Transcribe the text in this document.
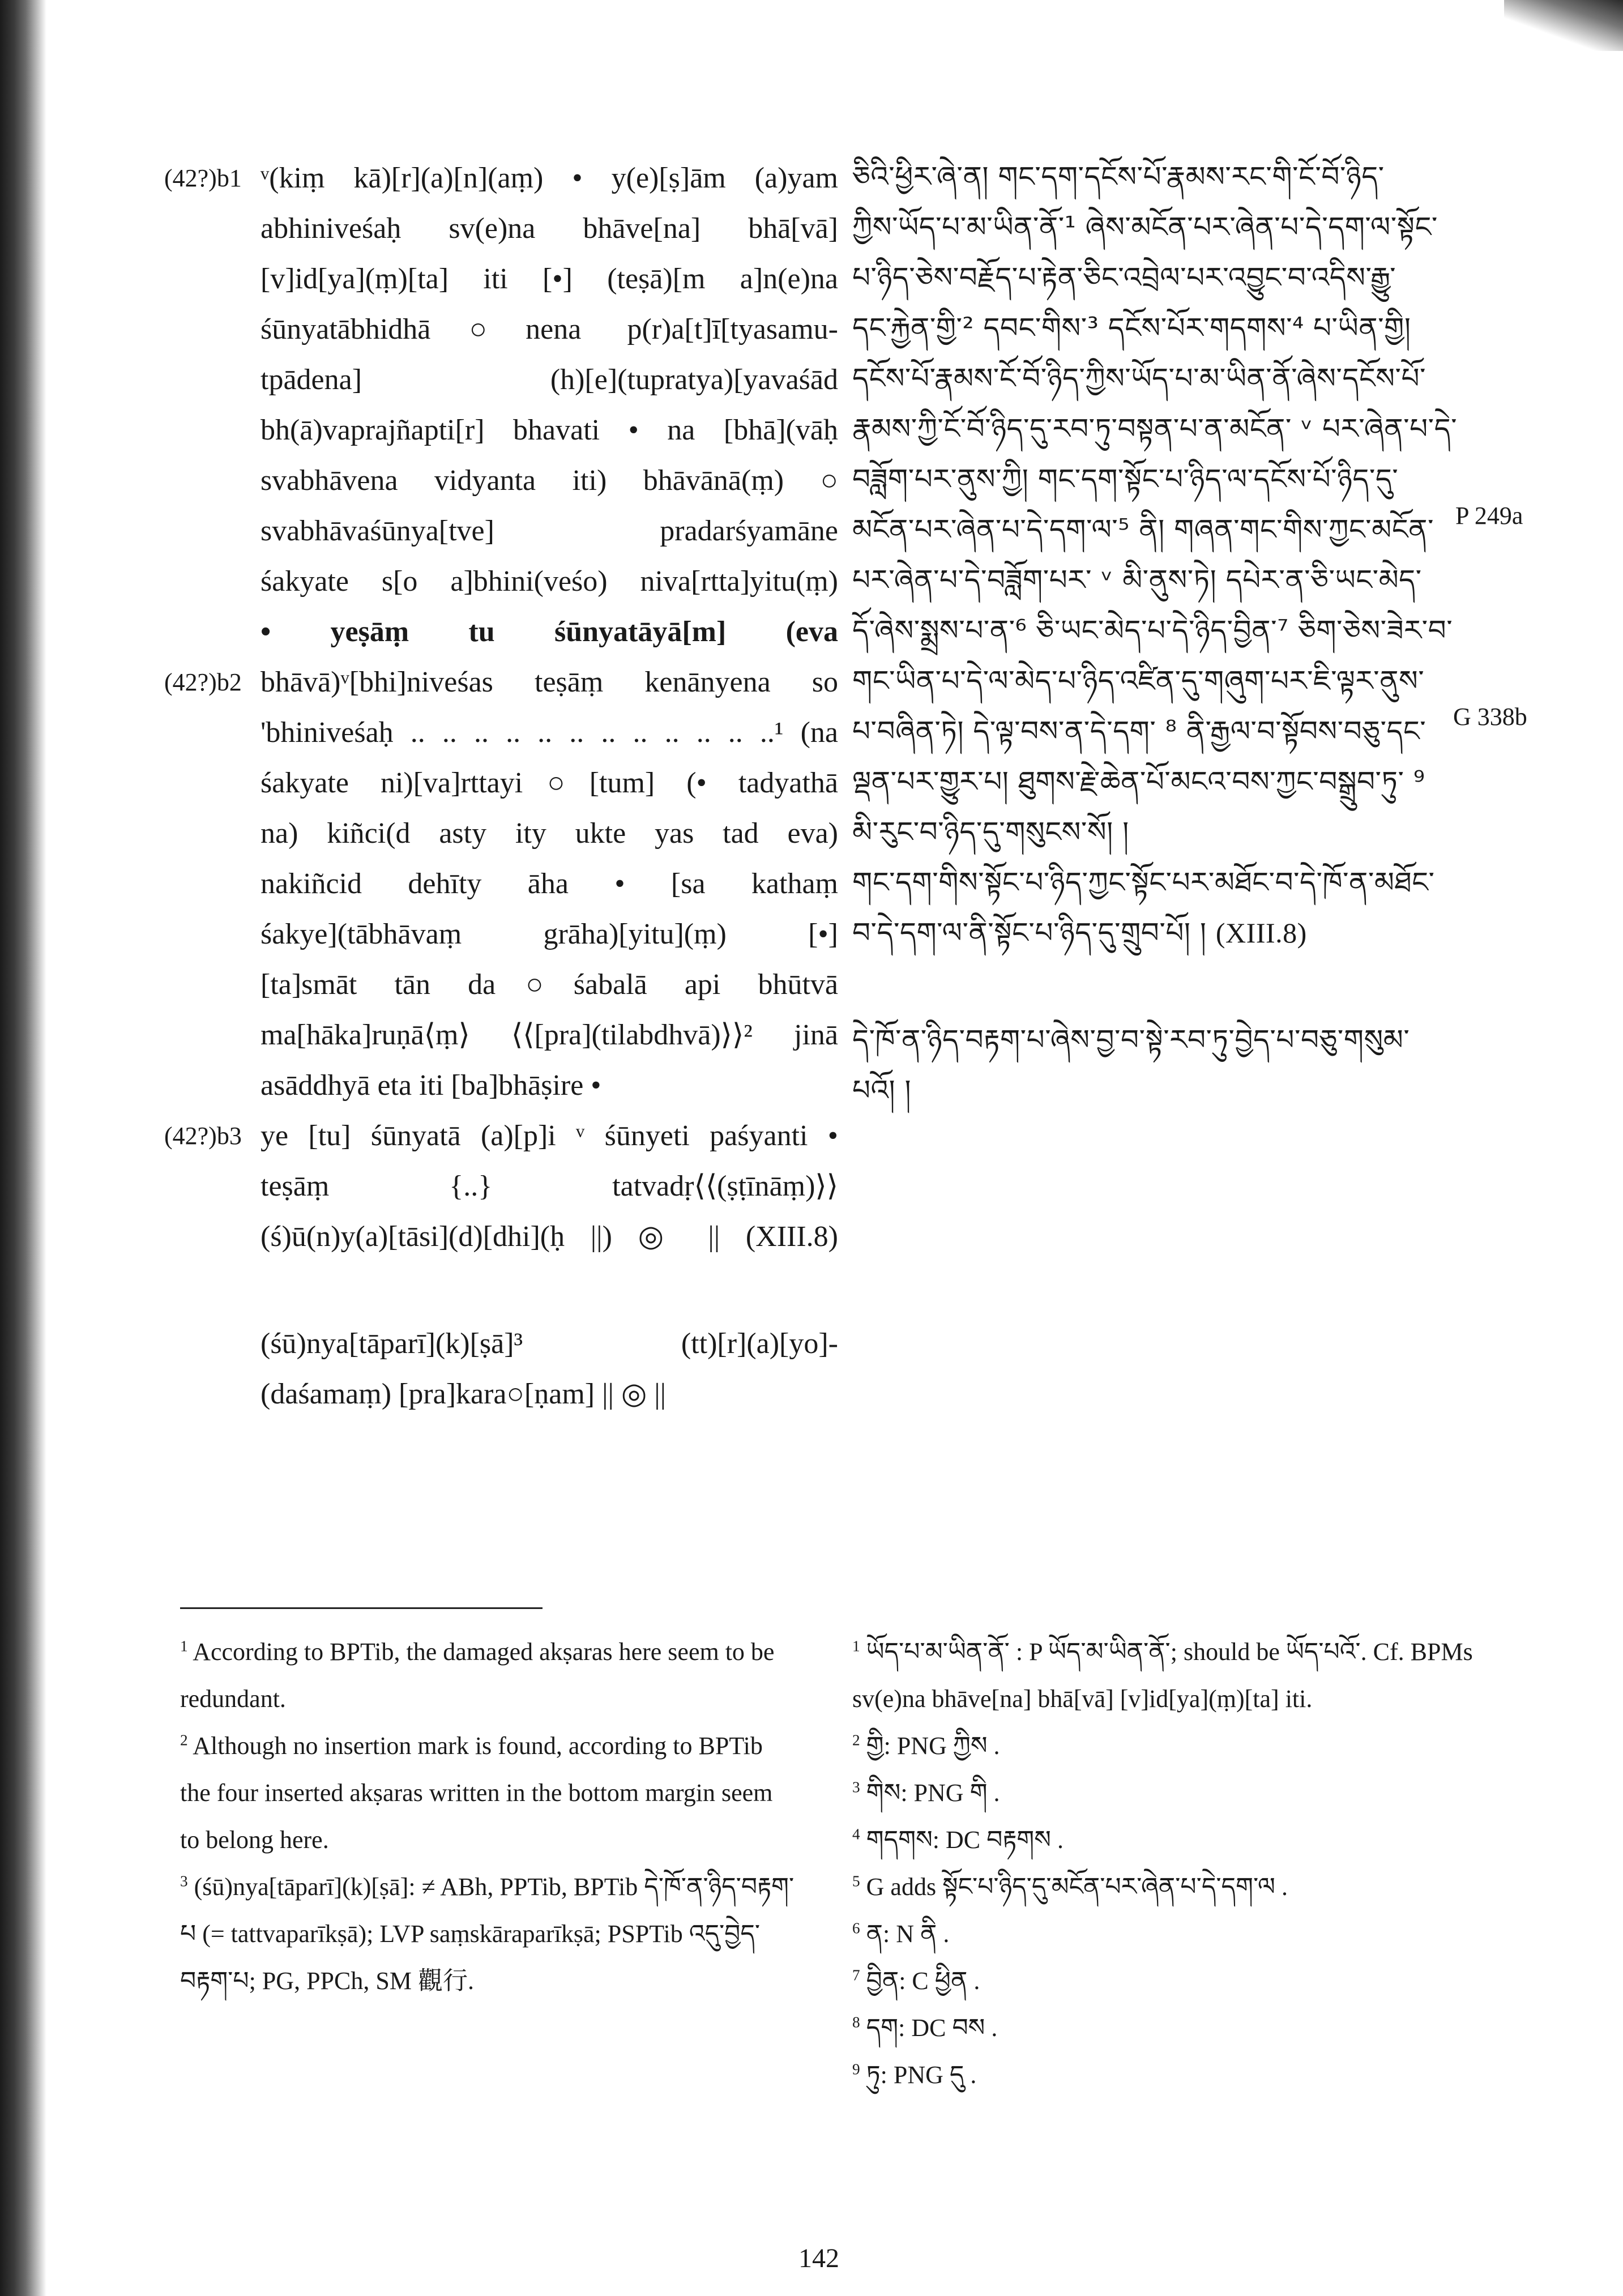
(42?)b1
(42?)b2
ᵛ(kiṃ kā)[r](a)[n](aṃ) • y(e)[ṣ]ām (a)yam
abhiniveśaḥ sv(e)na bhāve[na] bhā[vā]
[v]id[ya](ṃ)[ta] iti [•] (teṣā)[m a]n(e)na
śūnyatābhidhā○nena p(r)a[t]ī[tyasamu-
tpādena] (h)[e](tupratya)[yavaśād
bh(ā)vaprajñapti[r] bhavati • na [bhā](vāḥ
svabhāvena vidyanta iti) bhāvānā(ṃ) ○
svabhāvaśūnya[tve] pradarśyamāne
śakyate s[o a]bhini(veśo) niva[rtta]yitu(ṃ)
• yeṣāṃ tu śūnyatāyā[m] (eva
bhāvā)ᵛ[bhi]niveśas teṣāṃ kenānyena so
'bhiniveśaḥ .. .. .. .. .. .. .. .. .. .. .. ..¹ (na
śakyate ni)[va]rttayi○[tum] (• tadyathā
na) kiñci(d asty ity ukte yas tad eva)
nakiñcid dehīty āha • [sa kathaṃ
śakye](tābhāvaṃ grāha)[yitu](ṃ) [•]
[ta]smāt tān da○śabalā api bhūtvā
ma[hāka]ruṇā⟨ṃ⟩ ⟨⟨[pra](tilabdhvā)⟩⟩² jinā
asāddhyā eta iti [ba]bhāṣire •
(42?)b3 ye [tu] śūnyatā (a)[p]i ᵛ śūnyeti paśyanti •
teṣāṃ {..} tatvadṛ⟨⟨(ṣṭīnāṃ)⟩⟩
(ś)ū(n)y(a)[tāsi](d)[dhi](ḥ ||) ◎ || (XIII.8)
(śū)nya[tāparī](k)[ṣā]³ (tt)[r](a)[yo]-
(daśamaṃ) [pra]kara○[ṇam] || ◎ ||
ཅིའི་ཕྱིར་ཞེ་ན། གང་དག་དངོས་པོ་རྣམས་རང་གི་ངོ་བོ་ཉིད་
ཀྱིས་ཡོད་པ་མ་ཡིན་ནོ་¹ ཞེས་མངོན་པར་ཞེན་པ་དེ་དག་ལ་སྟོང་
པ་ཉིད་ཅེས་བརྗོད་པ་རྟེན་ཅིང་འབྲེལ་པར་འབྱུང་བ་འདིས་རྒྱུ་
དང་རྐྱེན་གྱི་² དབང་གིས་³ དངོས་པོར་གདགས་⁴ པ་ཡིན་གྱི།
དངོས་པོ་རྣམས་ངོ་བོ་ཉིད་ཀྱིས་ཡོད་པ་མ་ཡིན་ནོ་ཞེས་དངོས་པོ་
རྣམས་ཀྱི་ངོ་བོ་ཉིད་དུ་རབ་ཏུ་བསྟན་པ་ན་མངོན་ ᵛ པར་ཞེན་པ་དེ་
བཟློག་པར་ནུས་ཀྱི། གང་དག་སྟོང་པ་ཉིད་ལ་དངོས་པོ་ཉིད་དུ་
མངོན་པར་ཞེན་པ་དེ་དག་ལ་⁵ ནི། གཞན་གང་གིས་ཀྱང་མངོན་
པར་ཞེན་པ་དེ་བཟློག་པར་ ᵛ མི་ནུས་ཏེ། དཔེར་ན་ཅི་ཡང་མེད་
དོ་ཞེས་སྨྲས་པ་ན་⁶ ཅི་ཡང་མེད་པ་དེ་ཉིད་བྱིན་⁷ ཅིག་ཅེས་ཟེར་བ་
གང་ཡིན་པ་དེ་ལ་མེད་པ་ཉིད་འཛིན་དུ་གཞུག་པར་ཇི་ལྟར་ནུས་
པ་བཞིན་ཏེ། དེ་ལྟ་བས་ན་དེ་དག་ ⁸ ནི་རྒྱལ་བ་སྟོབས་བཅུ་དང་
ལྡན་པར་གྱུར་པ། ཐུགས་རྗེ་ཆེན་པོ་མངའ་བས་ཀྱང་བསྒྲུབ་ཏུ་ ⁹
མི་རུང་བ་ཉིད་དུ་གསུངས་སོ། །
གང་དག་གིས་སྟོང་པ་ཉིད་ཀྱང་སྟོང་པར་མཐོང་བ་དེ་ཁོ་ན་མཐོང་
བ་དེ་དག་ལ་ནི་སྟོང་པ་ཉིད་དུ་གྲུབ་པོ། ། (XIII.8)
དེ་ཁོ་ན་ཉིད་བརྟག་པ་ཞེས་བྱ་བ་སྟེ་རབ་ཏུ་བྱེད་པ་བཅུ་གསུམ་
པའོ། །
P 249a
G 338b

$^1$ According to BPTib, the damaged akṣaras here seem to be redundant.

$^2$ Although no insertion mark is found, according to BPTib the four inserted akṣaras written in the bottom margin seem to belong here.

$^3$ (śū)nya[tāparī](k)[ṣā]: ≠ ABh, PPTib, BPTib དེ་ཁོ་ན་ཉིད་བརྟག་པ (= tattvaparīkṣā); LVP saṃskāraparīkṣā; PSPTib འདུ་བྱེད་བརྟག་པ; PG, PPCh, SM 觀行.

$^1$ ཡོད་པ་མ་ཡིན་ནོ་ : P ཡོད་མ་ཡིན་ནོ་; should be ཡོད་པའོ་. Cf. BPMs sv(e)na bhāve[na] bhā[vā] [v]id[ya](ṃ)[ta] iti.

$^2$ གྱི: PNG ཀྱིས .

$^3$ གིས: PNG གི .

$^4$ གདགས: DC བརྟགས .

$^5$ G adds སྟོང་པ་ཉིད་དུ་མངོན་པར་ཞེན་པ་དེ་དག་ལ .

$^6$ ན: N ནི .

$^7$ བྱིན: C ཕྱིན .

$^8$ དག: DC བས .

$^9$ ཏུ: PNG དུ .

142
